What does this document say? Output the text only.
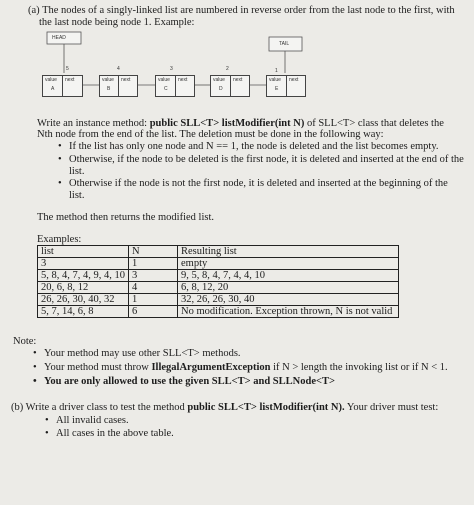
(a) The nodes of a singly-linked list are numbered in reverse order from the last node to the first, with
the last node being node 1. Example:
HEAD
TAIL
5	4	3	2	1
value next
A
value next
B
value next
C
value next
D
value next
E
Write an instance method: public SLL<T> listModifier(int N) of SLL<T> class that deletes the
Nth node from the end of the list. The deletion must be done in the following way:
• If the list has only one node and N == 1, the node is deleted and the list becomes empty.
• Otherwise, if the node to be deleted is the first node, it is deleted and inserted at the end of the
list.
• Otherwise if the node is not the first node, it is deleted and inserted at the beginning of the
list.
The method then returns the modified list.
Examples:
list	N	Resulting list
3	1	empty
5, 8, 4, 7, 4, 9, 4, 10	3	9, 5, 8, 4, 7, 4, 4, 10
20, 6, 8, 12	4	6, 8, 12, 20
26, 26, 30, 40, 32	1	32, 26, 26, 30, 40
5, 7, 14, 6, 8	6	No modification. Exception thrown, N is not valid
Note:
• Your method may use other SLL<T> methods.
• Your method must throw IllegalArgumentException if N > length the invoking list or if N < 1.
• You are only allowed to use the given SLL<T> and SLLNode<T>
(b) Write a driver class to test the method public SLL<T> listModifier(int N). Your driver must test:
• All invalid cases.
• All cases in the above table.
